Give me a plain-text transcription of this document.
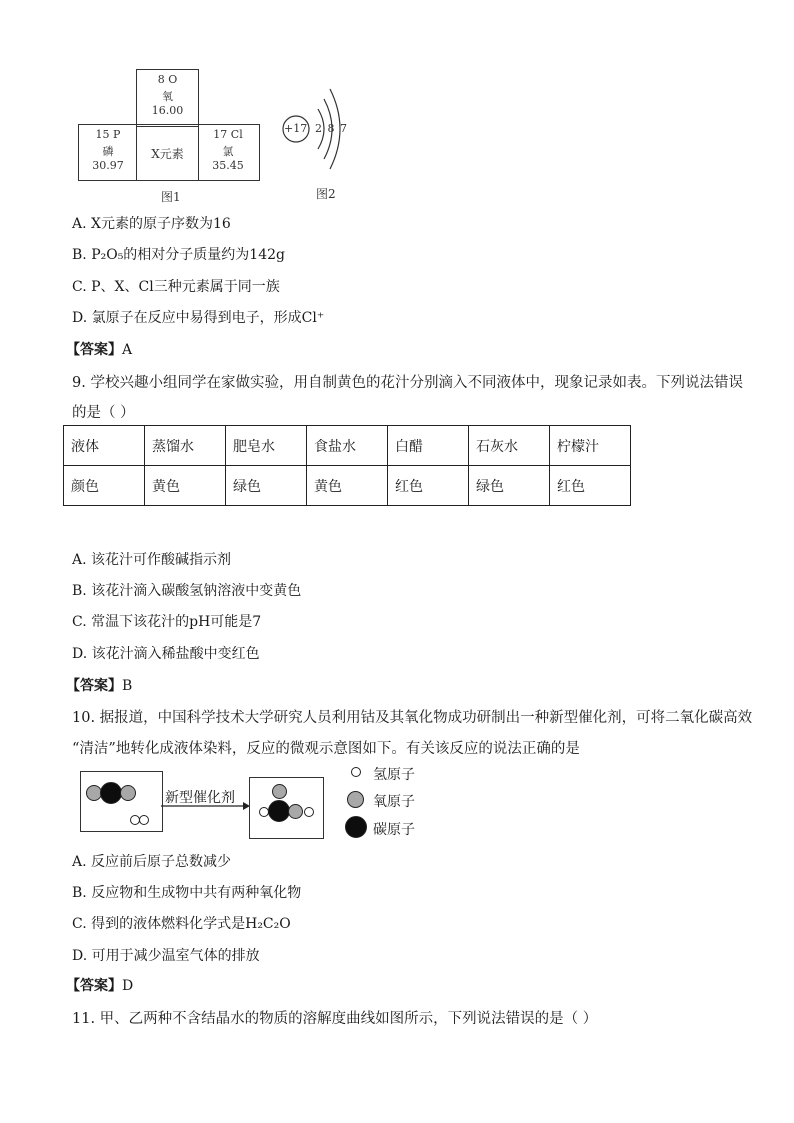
8 O
氧
16.00
15 P
磷
30.97
X元素
17 Cl
氯
35.45
图1
+17 2 8 7
图2
A. X元素的原子序数为16
B. P₂O₅的相对分子质量约为142g
C. P、X、Cl三种元素属于同一族
D. 氯原子在反应中易得到电子，形成Cl⁺
【答案】A
9. 学校兴趣小组同学在家做实验，用自制黄色的花汁分别滴入不同液体中，现象记录如表。下列说法错误
的是（ ）
液体	蒸馏水	肥皂水	食盐水	白醋	石灰水	柠檬汁
颜色	黄色	绿色	黄色	红色	绿色	红色
A. 该花汁可作酸碱指示剂
B. 该花汁滴入碳酸氢钠溶液中变黄色
C. 常温下该花汁的pH可能是7
D. 该花汁滴入稀盐酸中变红色
【答案】B
10. 据报道，中国科学技术大学研究人员利用钴及其氧化物成功研制出一种新型催化剂，可将二氧化碳高效
“清洁”地转化成液体染料，反应的微观示意图如下。有关该反应的说法正确的是
新型催化剂
氢原子
氧原子
碳原子
A. 反应前后原子总数减少
B. 反应物和生成物中共有两种氧化物
C. 得到的液体燃料化学式是H₂C₂O
D. 可用于减少温室气体的排放
【答案】D
11. 甲、乙两种不含结晶水的物质的溶解度曲线如图所示，下列说法错误的是（ ）
